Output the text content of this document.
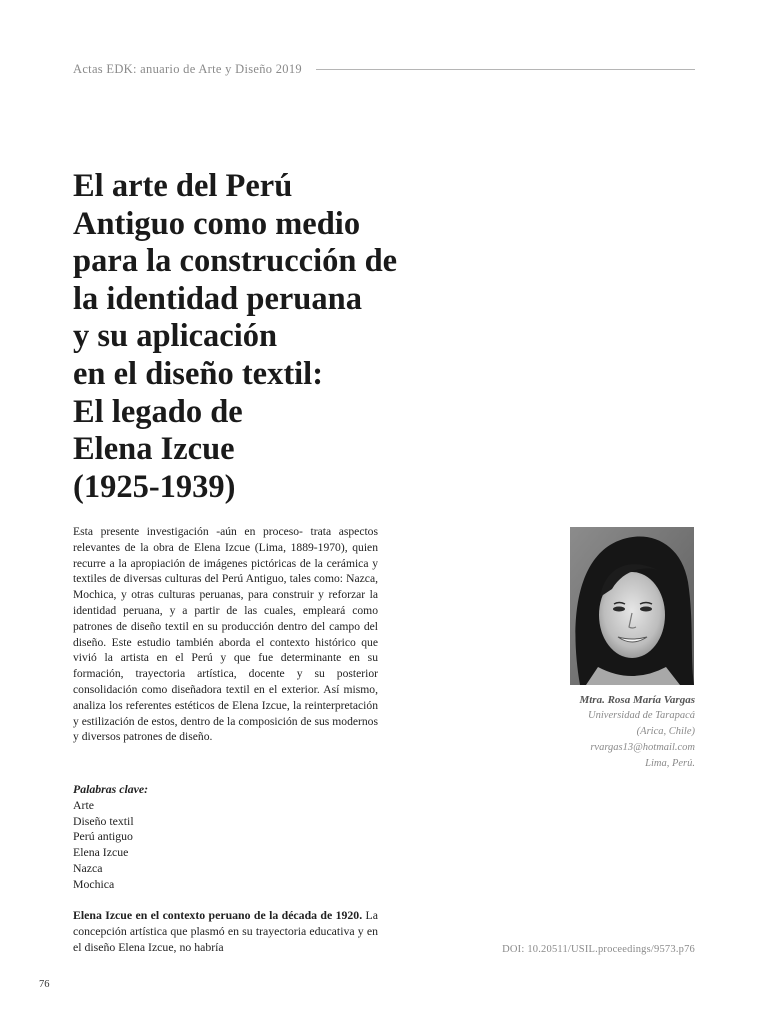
Actas EDK: anuario de Arte y Diseño 2019
El arte del Perú
Antiguo como medio
para la construcción de
la identidad peruana
y su aplicación
en el diseño textil:
El legado de
Elena Izcue
(1925-1939)

Esta presente investigación -aún en proceso- trata aspectos relevantes de la obra de Elena Izcue (Lima, 1889-1970), quien recurre a la apropiación de imágenes pictóricas de la cerámica y textiles de diversas culturas del Perú Antiguo, tales como: Nazca, Mochica, y otras culturas peruanas, para construir y reforzar la identidad peruana, y a partir de las cuales, empleará como patrones de diseño textil en su producción dentro del campo del diseño. Este estudio también aborda el contexto histórico que vivió la artista en el Perú y que fue determinante en su formación, trayectoria artística, docente y su posterior consolidación como diseñadora textil en el exterior. Así mismo, analiza los referentes estéticos de Elena Izcue, la reinterpretación y estilización de estos, dentro de la composición de sus modernos y diversos patrones de diseño.

Palabras clave:
Arte
Diseño textil
Perú antiguo
Elena Izcue
Nazca
Mochica

Elena Izcue en el contexto peruano de la década de 1920. La concepción artística que plasmó en su trayectoria educativa y en el diseño Elena Izcue, no habría

Mtra. Rosa María Vargas
Universidad de Tarapacá
(Arica, Chile)
rvargas13@hotmail.com
Lima, Perú.
DOI: 10.20511/USIL.proceedings/9573.p76
76
